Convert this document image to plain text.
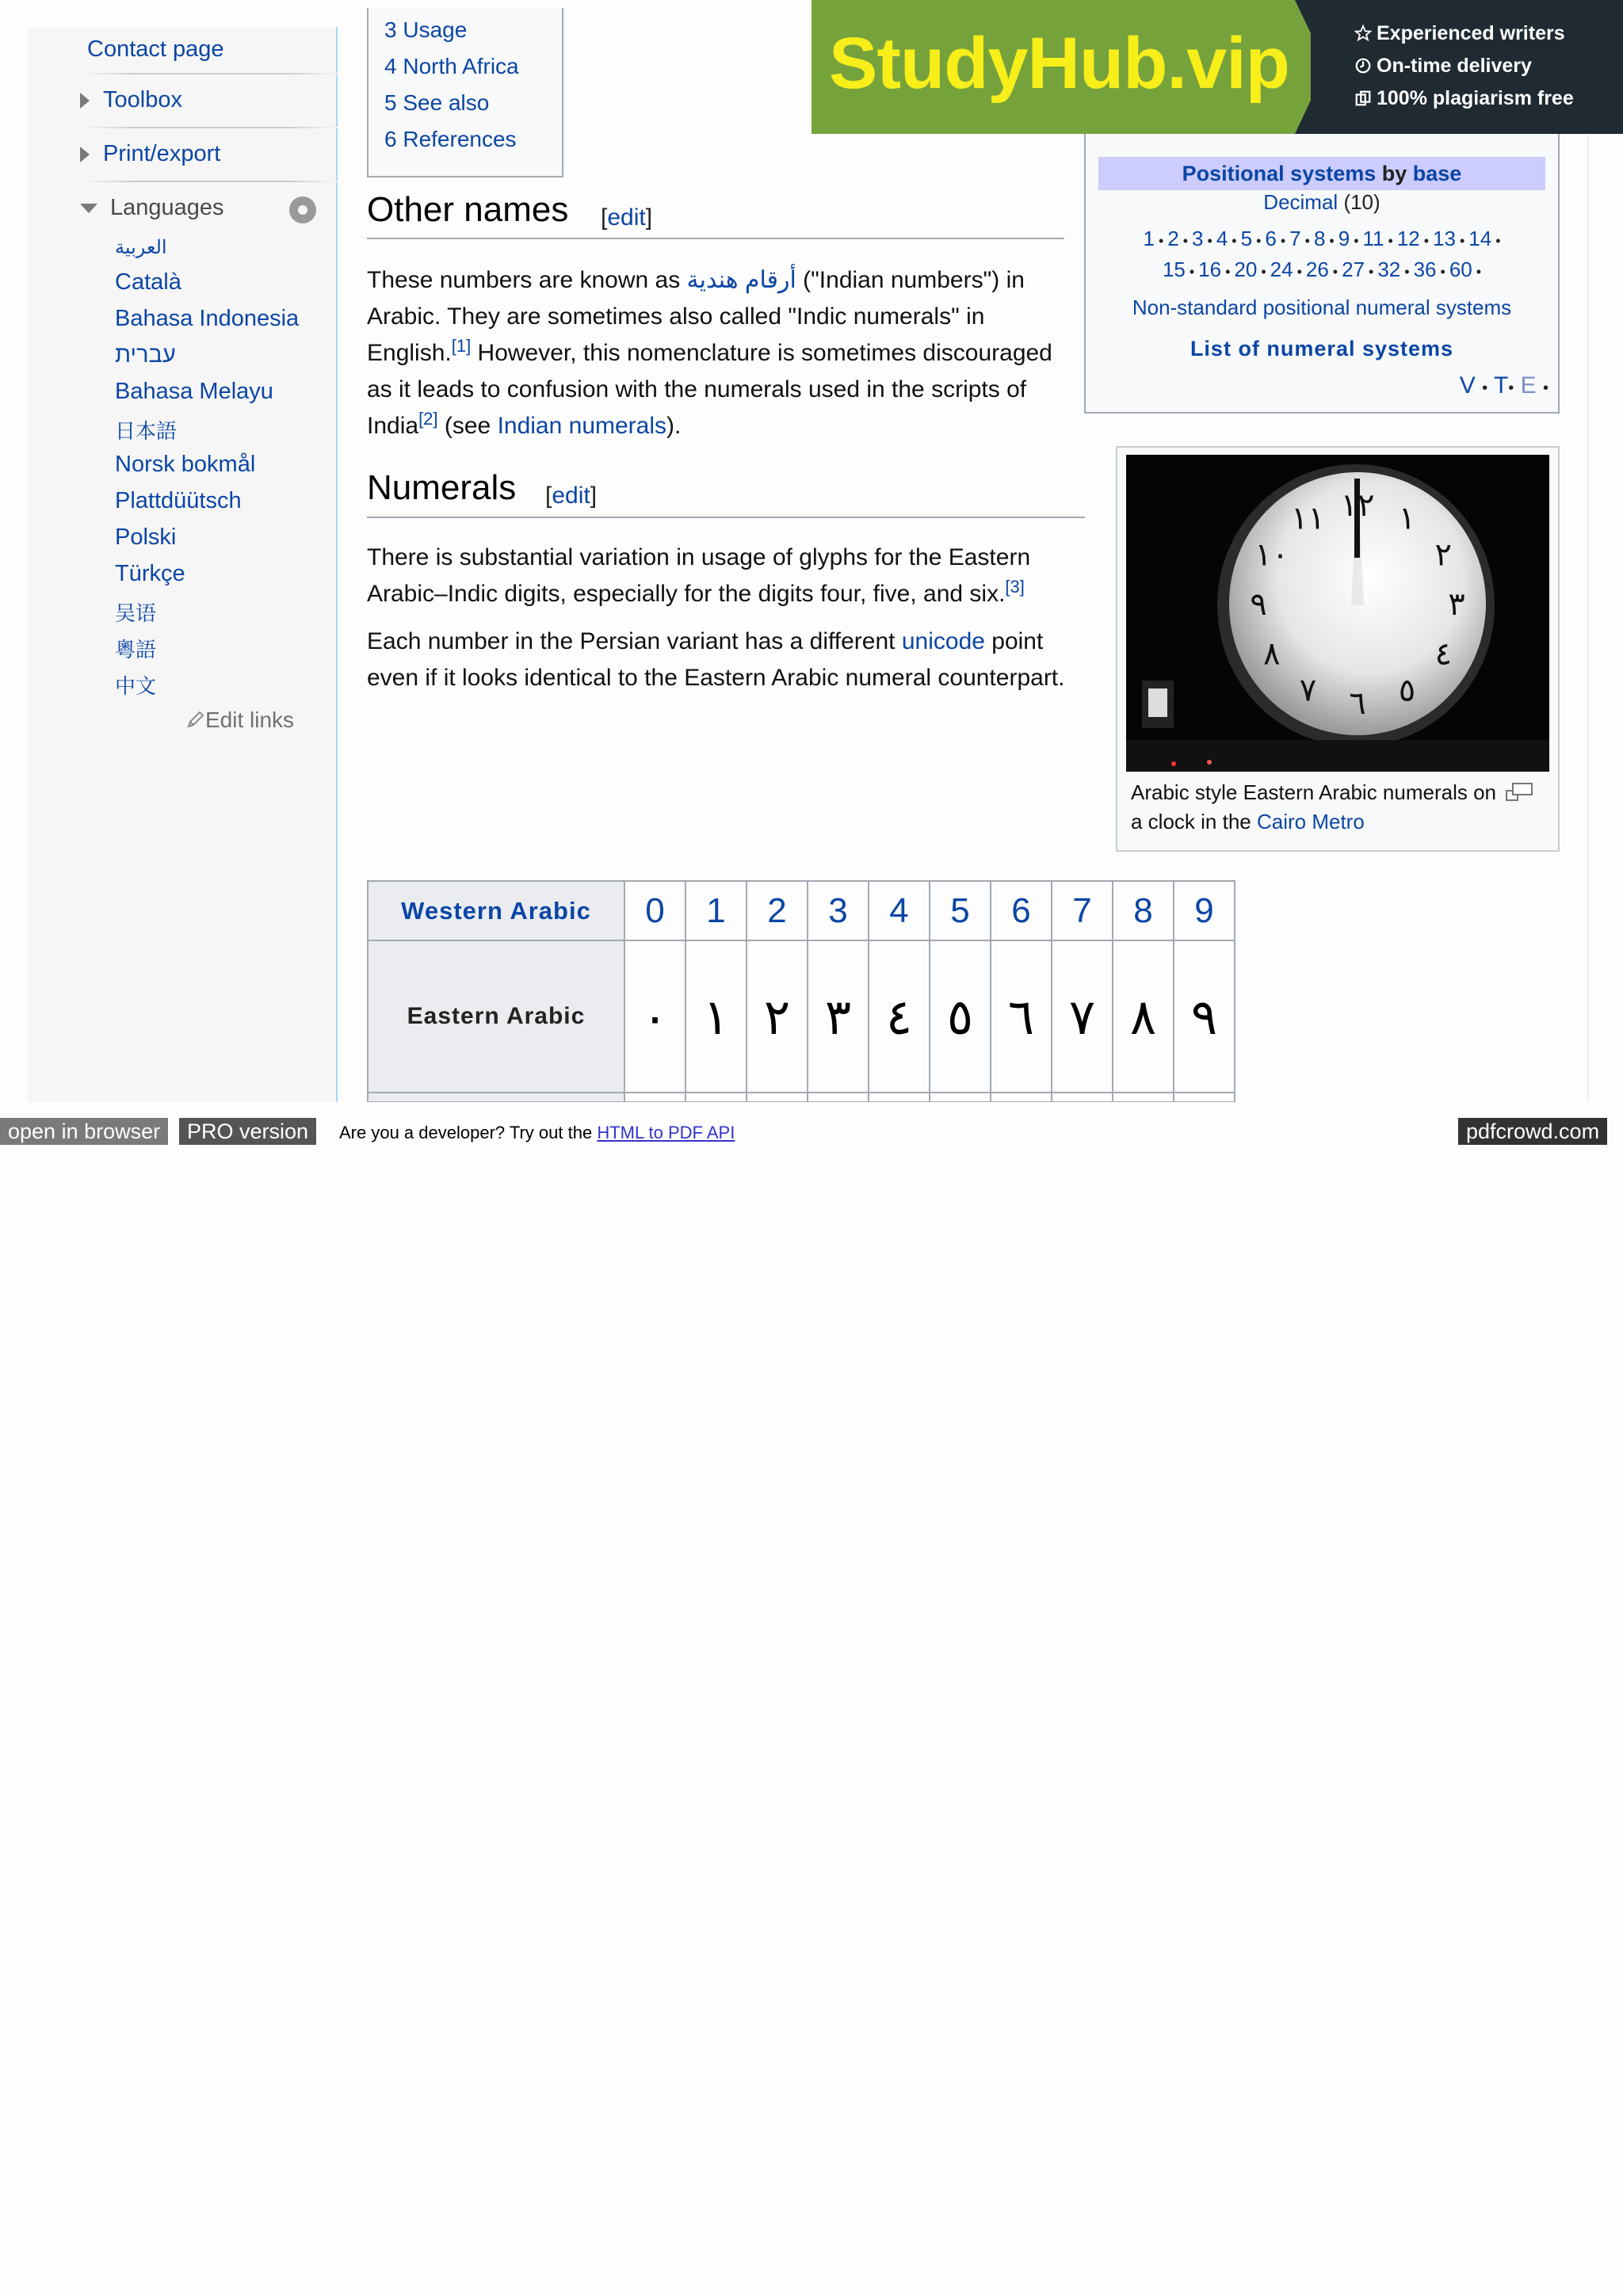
Contact page
Toolbox
Print/export
Languages
العربية
Català
Bahasa Indonesia
עברית
Bahasa Melayu
日本語
Norsk bokmål
Plattdüütsch
Polski
Türkçe
吴语
粵語
中文
Edit links
3 Usage
4 North Africa
5 See also
6 References
Other names [edit]
These numbers are known as أرقام هندية ("Indian numbers") in Arabic. They are sometimes also called "Indic numerals" in English.[1] However, this nomenclature is sometimes discouraged as it leads to confusion with the numerals used in the scripts of India[2] (see Indian numerals).
Numerals [edit]
There is substantial variation in usage of glyphs for the Eastern Arabic–Indic digits, especially for the digits four, five, and six.[3]
Each number in the Persian variant has a different unicode point even if it looks identical to the Eastern Arabic numeral counterpart.
Positional systems by base
Decimal (10)
1 • 2 • 3 • 4 • 5 • 6 • 7 • 8 • 9 • 11 • 12 • 13 • 14 •
15 • 16 • 20 • 24 • 26 • 27 • 32 • 36 • 60 •
Non-standard positional numeral systems
List of numeral systems
V • T• E •
١٢
١١
١٠
٩
٨
٧ ٦ ٥
٤
٣
٢
١
Arabic style Eastern Arabic numerals on a clock in the Cairo Metro
Western Arabic	0	1	2	3	4	5	6	7	8	9
Eastern Arabic	٠	١	٢	٣	٤	٥	٦	٧	٨	٩

StudyHub.vip	Experienced writers
On-time delivery
100% plagiarism free
open in browser	PRO version	Are you a developer? Try out the HTML to PDF API	pdfcrowd.com
